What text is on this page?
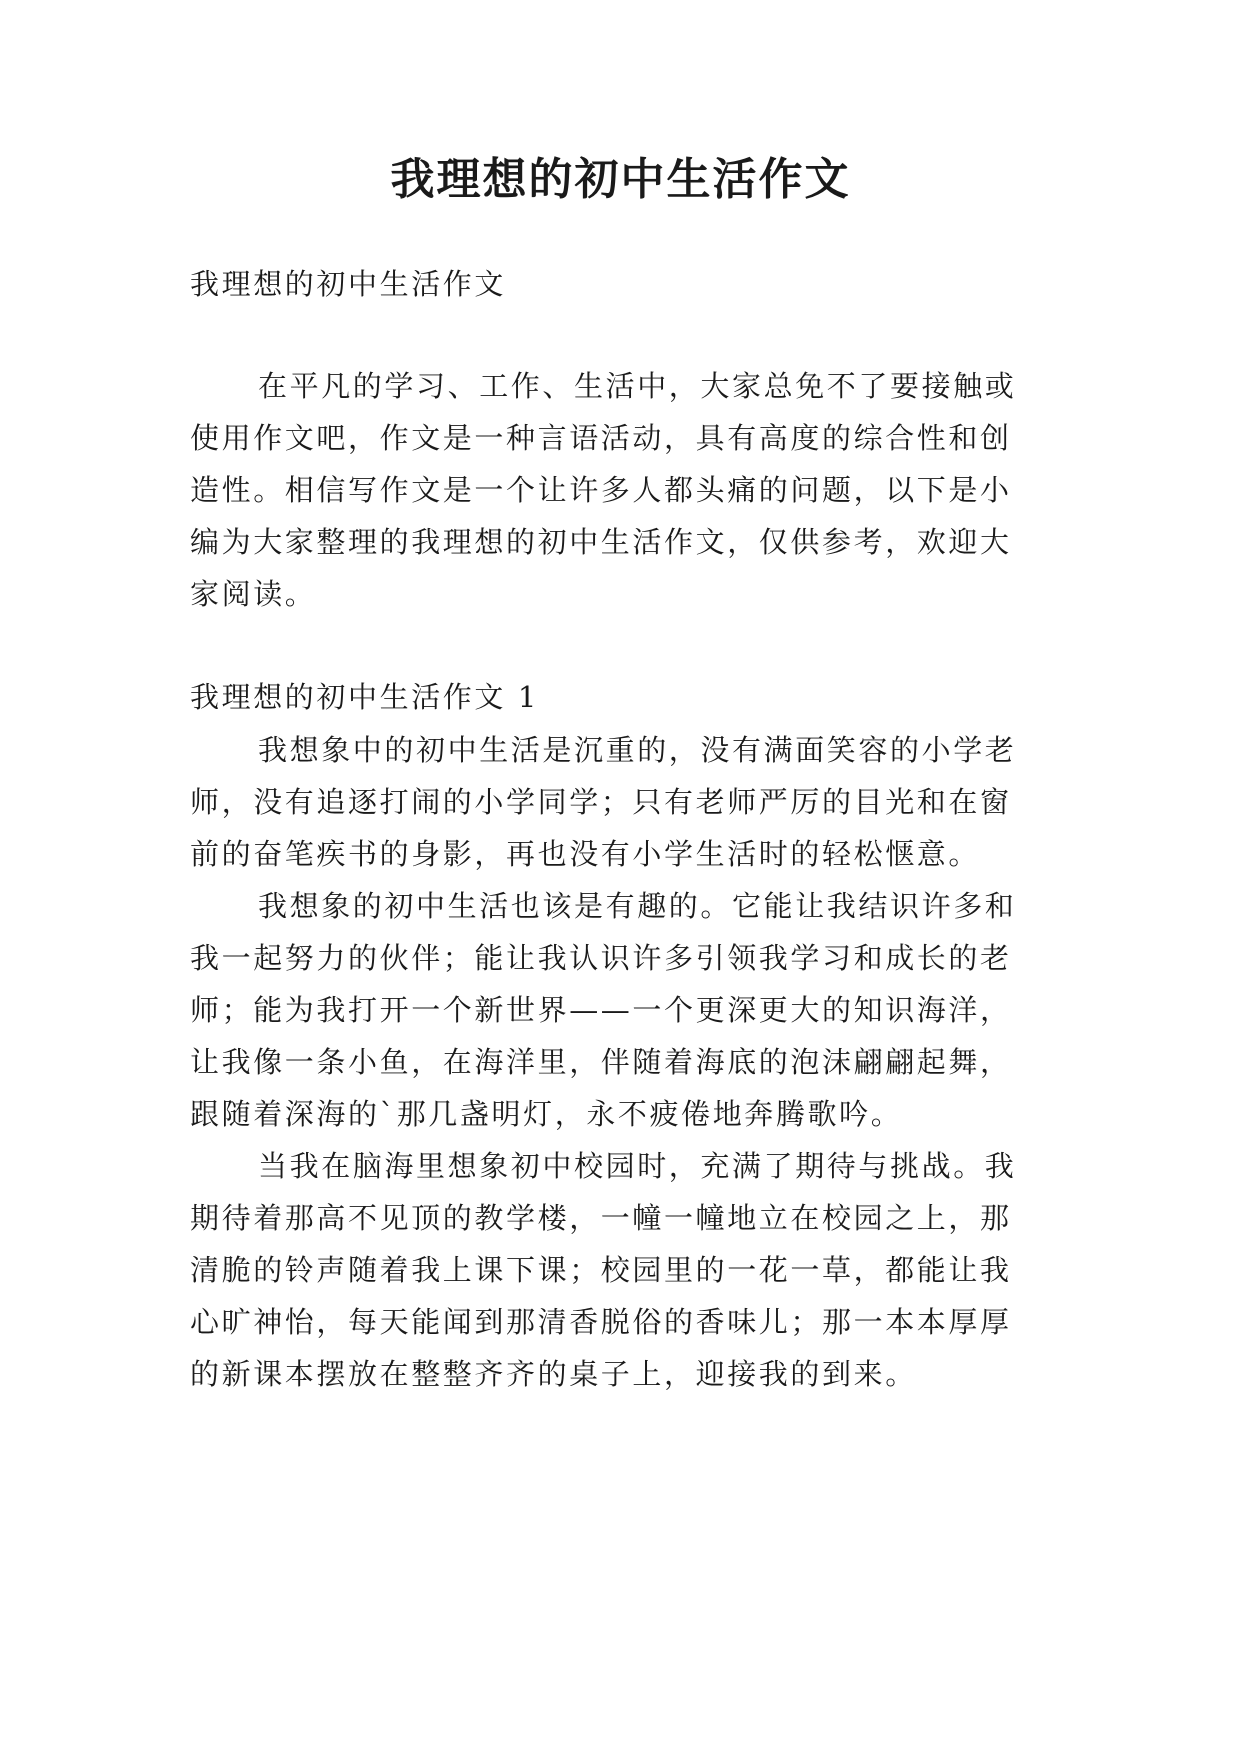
我理想的初中生活作文
我理想的初中生活作文
在平凡的学习、工作、生活中，大家总免不了要接触或
使用作文吧，作文是一种言语活动，具有高度的综合性和创
造性。相信写作文是一个让许多人都头痛的问题，以下是小
编为大家整理的我理想的初中生活作文，仅供参考，欢迎大
家阅读。
我理想的初中生活作文 1
我想象中的初中生活是沉重的，没有满面笑容的小学老
师，没有追逐打闹的小学同学；只有老师严厉的目光和在窗
前的奋笔疾书的身影，再也没有小学生活时的轻松惬意。
我想象的初中生活也该是有趣的。它能让我结识许多和
我一起努力的伙伴；能让我认识许多引领我学习和成长的老
师；能为我打开一个新世界——一个更深更大的知识海洋，
让我像一条小鱼，在海洋里，伴随着海底的泡沫翩翩起舞，
跟随着深海的`那几盏明灯，永不疲倦地奔腾歌吟。
当我在脑海里想象初中校园时，充满了期待与挑战。我
期待着那高不见顶的教学楼，一幢一幢地立在校园之上，那
清脆的铃声随着我上课下课；校园里的一花一草，都能让我
心旷神怡，每天能闻到那清香脱俗的香味儿；那一本本厚厚
的新课本摆放在整整齐齐的桌子上，迎接我的到来。
